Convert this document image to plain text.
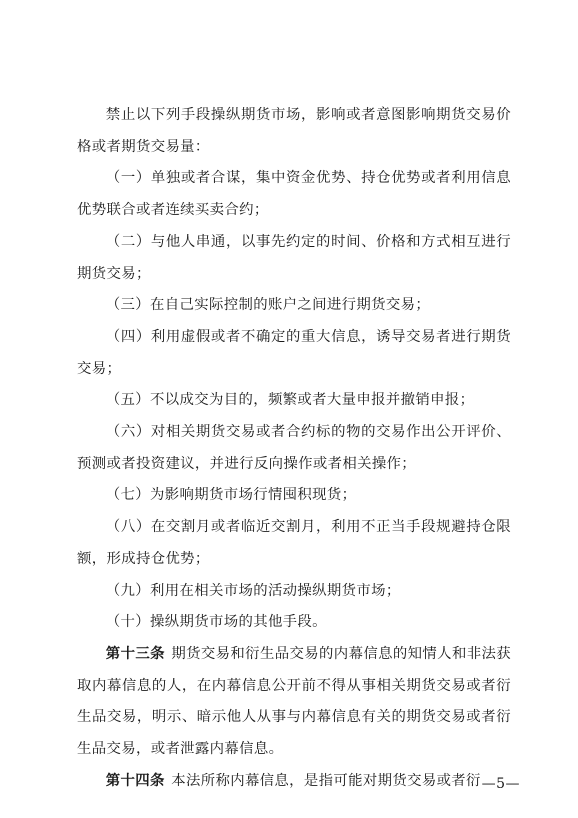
禁止以下列手段操纵期货市场，影响或者意图影响期货交易价格或者期货交易量：

（一）单独或者合谋，集中资金优势、持仓优势或者利用信息优势联合或者连续买卖合约；

（二）与他人串通，以事先约定的时间、价格和方式相互进行期货交易；

（三）在自己实际控制的账户之间进行期货交易；

（四）利用虚假或者不确定的重大信息，诱导交易者进行期货交易；

（五）不以成交为目的，频繁或者大量申报并撤销申报；

（六）对相关期货交易或者合约标的物的交易作出公开评价、预测或者投资建议，并进行反向操作或者相关操作；

（七）为影响期货市场行情囤积现货；

（八）在交割月或者临近交割月，利用不正当手段规避持仓限额，形成持仓优势；

（九）利用在相关市场的活动操纵期货市场；

（十）操纵期货市场的其他手段。

第十三条 期货交易和衍生品交易的内幕信息的知情人和非法获取内幕信息的人，在内幕信息公开前不得从事相关期货交易或者衍生品交易，明示、暗示他人从事与内幕信息有关的期货交易或者衍生品交易，或者泄露内幕信息。

第十四条 本法所称内幕信息，是指可能对期货交易或者衍 —5—
